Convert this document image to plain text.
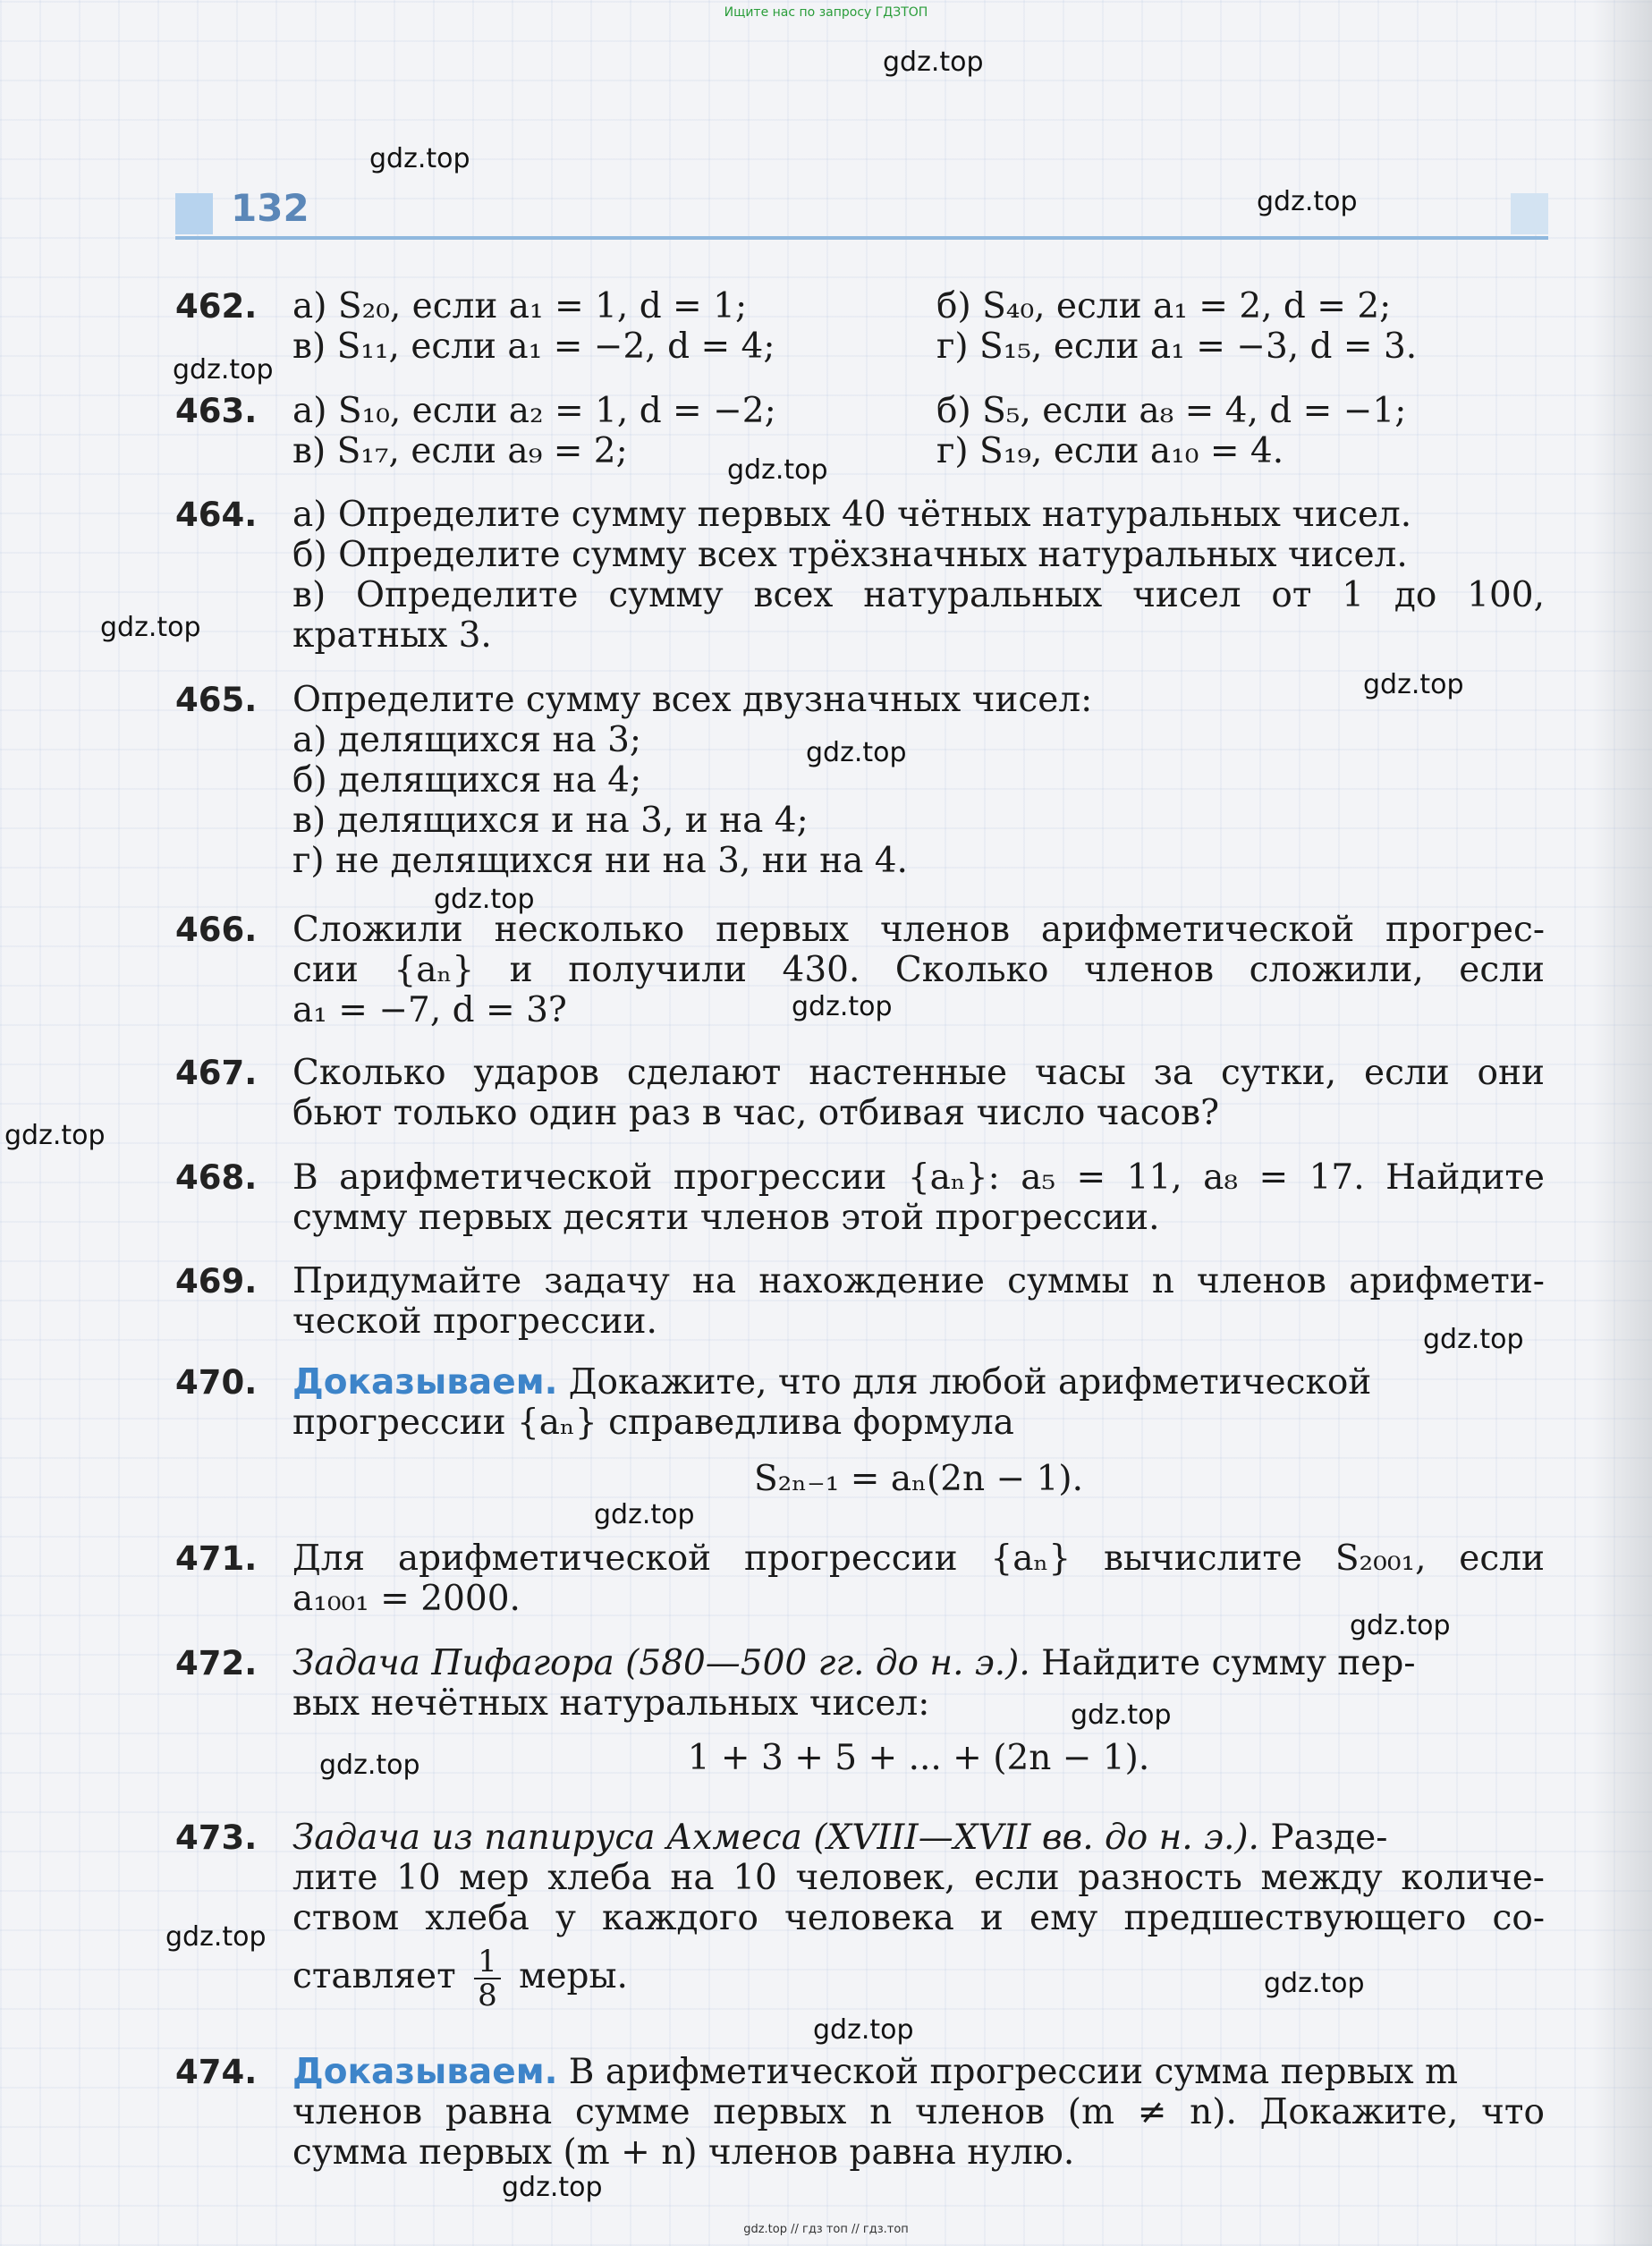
Ищите нас по запросу ГДЗТОП
132
462. а) S₂₀, если a₁ = 1, d = 1;	б) S₄₀, если a₁ = 2, d = 2;
в) S₁₁, если a₁ = −2, d = 4;	г) S₁₅, если a₁ = −3, d = 3.
463. а) S₁₀, если a₂ = 1, d = −2;	б) S₅, если a₈ = 4, d = −1;
в) S₁₇, если a₉ = 2;	г) S₁₉, если a₁₀ = 4.
464. а) Определите сумму первых 40 чётных натуральных чисел.
б) Определите сумму всех трёхзначных натуральных чисел.
в) Определите сумму всех натуральных чисел от 1 до 100,
кратных 3.
465. Определите сумму всех двузначных чисел:
а) делящихся на 3;
б) делящихся на 4;
в) делящихся и на 3, и на 4;
г) не делящихся ни на 3, ни на 4.
466. Сложили несколько первых членов арифметической прогрес-
сии {aₙ} и получили 430. Сколько членов сложили, если
a₁ = −7, d = 3?
467. Сколько ударов сделают настенные часы за сутки, если они
бьют только один раз в час, отбивая число часов?
468. В арифметической прогрессии {aₙ}: a₅ = 11, a₈ = 17. Найдите
сумму первых десяти членов этой прогрессии.
469. Придумайте задачу на нахождение суммы n членов арифмети-
ческой прогрессии.
470. Доказываем. Докажите, что для любой арифметической
прогрессии {aₙ} справедлива формула
S₂ₙ₋₁ = aₙ(2n − 1).
471. Для арифметической прогрессии {aₙ} вычислите S₂₀₀₁, если
a₁₀₀₁ = 2000.
472. Задача Пифагора (580—500 гг. до н. э.). Найдите сумму пер-
вых нечётных натуральных чисел:
1 + 3 + 5 + ... + (2n − 1).
473. Задача из папируса Ахмеса (XVIII—XVII вв. до н. э.). Разде-
лите 10 мер хлеба на 10 человек, если разность между количе-
ством хлеба у каждого человека и ему предшествующего со-
ставляет $\frac{1}{8}$ меры.
474. Доказываем. В арифметической прогрессии сумма первых m
членов равна сумме первых n членов (m ≠ n). Докажите, что
сумма первых (m + n) членов равна нулю.
gdz.top
gdz.top
gdz.top
gdz.top
gdz.top
gdz.top
gdz.top
gdz.top
gdz.top
gdz.top
gdz.top
gdz.top
gdz.top
gdz.top
gdz.top
gdz.top
gdz.top
gdz.top
gdz.top
gdz.top
gdz.top // гдз топ // гдз.топ
